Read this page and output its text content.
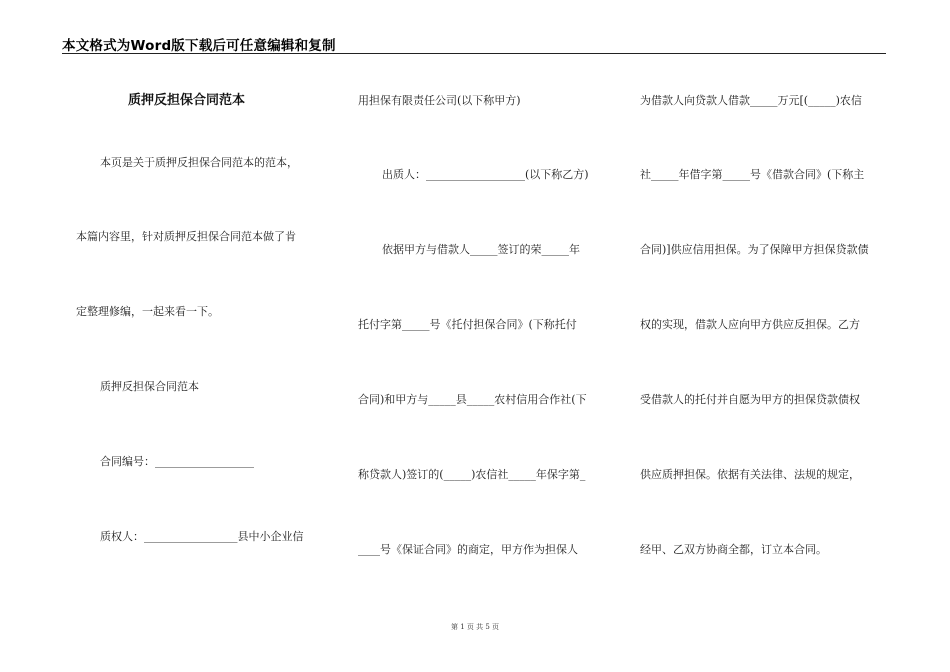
本文格式为Word版下载后可任意编辑和复制
质押反担保合同范本
本页是关于质押反担保合同范本的范本，
本篇内容里，针对质押反担保合同范本做了肯
定整理修编，一起来看一下。
质押反担保合同范本
合同编号：__________________
质权人：_________________县中小企业信
用担保有限责任公司(以下称甲方)
出质人：__________________(以下称乙方)
依据甲方与借款人_____签订的荣_____年
托付字第_____号《托付担保合同》(下称托付
合同)和甲方与_____县_____农村信用合作社(下
称贷款人)签订的(_____)农信社_____年保字第_
____号《保证合同》的商定，甲方作为担保人
为借款人向贷款人借款_____万元[(_____)农信
社_____年借字第_____号《借款合同》(下称主
合同)]供应信用担保。为了保障甲方担保贷款债
权的实现，借款人应向甲方供应反担保。乙方
受借款人的托付并自愿为甲方的担保贷款债权
供应质押担保。依据有关法律、法规的规定，
经甲、乙双方协商全都，订立本合同。
第 1 页 共 5 页
